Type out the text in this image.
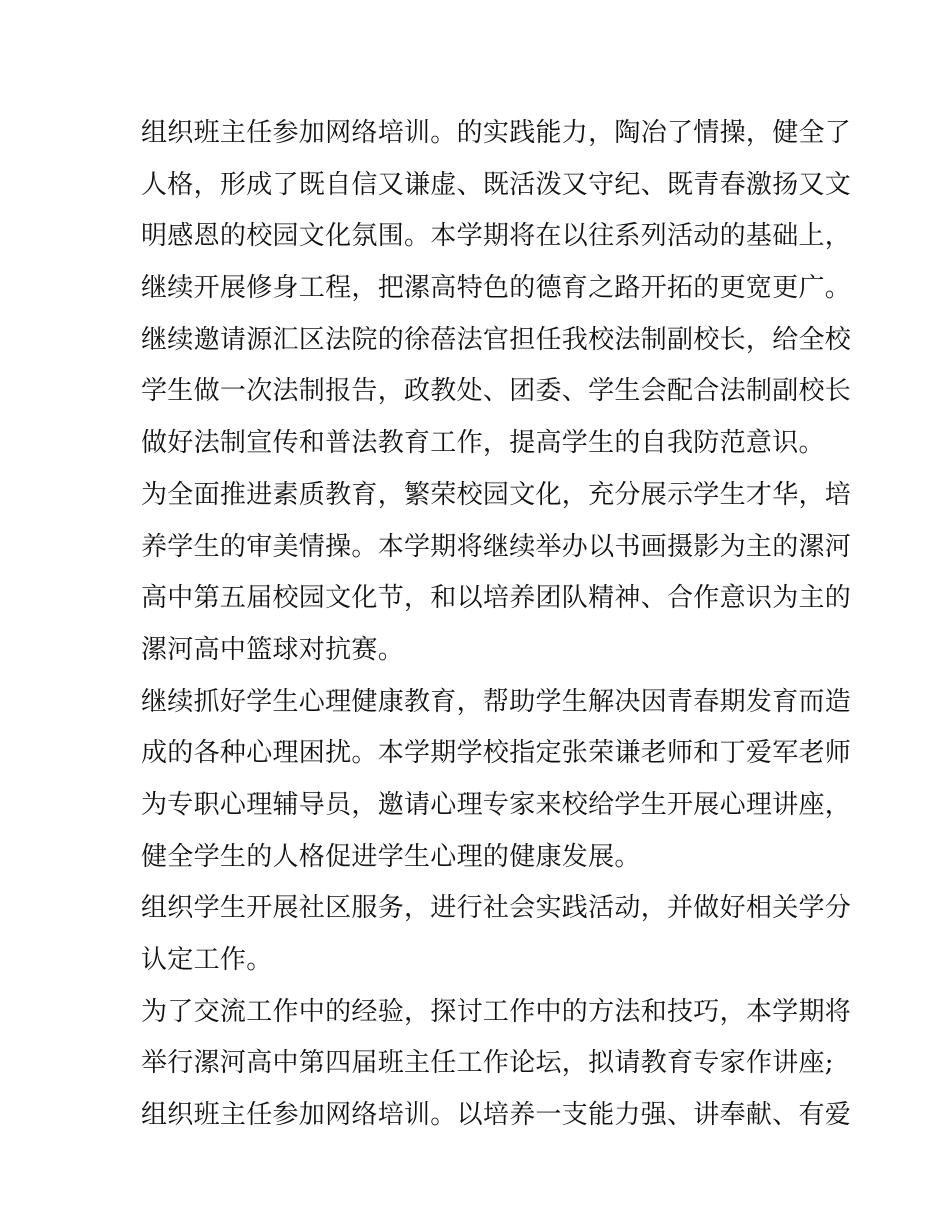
组织班主任参加网络培训。的实践能力，陶冶了情操，健全了
人格，形成了既自信又谦虚、既活泼又守纪、既青春激扬又文
明感恩的校园文化氛围。本学期将在以往系列活动的基础上，
继续开展修身工程，把漯高特色的德育之路开拓的更宽更广。
继续邀请源汇区法院的徐蓓法官担任我校法制副校长，给全校
学生做一次法制报告，政教处、团委、学生会配合法制副校长
做好法制宣传和普法教育工作，提高学生的自我防范意识。
为全面推进素质教育，繁荣校园文化，充分展示学生才华，培
养学生的审美情操。本学期将继续举办以书画摄影为主的漯河
高中第五届校园文化节，和以培养团队精神、合作意识为主的
漯河高中篮球对抗赛。
继续抓好学生心理健康教育，帮助学生解决因青春期发育而造
成的各种心理困扰。本学期学校指定张荣谦老师和丁爱军老师
为专职心理辅导员，邀请心理专家来校给学生开展心理讲座，
健全学生的人格促进学生心理的健康发展。
组织学生开展社区服务，进行社会实践活动，并做好相关学分
认定工作。
为了交流工作中的经验，探讨工作中的方法和技巧，本学期将
举行漯河高中第四届班主任工作论坛，拟请教育专家作讲座;
组织班主任参加网络培训。以培养一支能力强、讲奉献、有爱
